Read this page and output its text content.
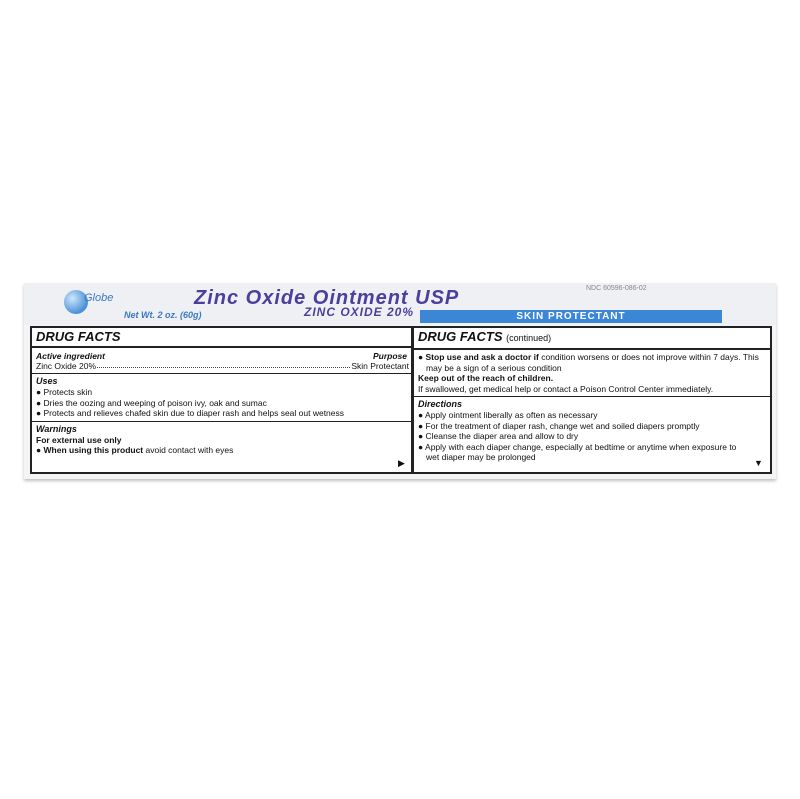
Globe	Zinc Oxide Ointment USP
ZINC OXIDE 20%
NDC 60596-086-02
Net Wt. 2 oz. (60g)	SKIN PROTECTANT
DRUG FACTS
Active ingredient	Purpose
Zinc Oxide 20%	Skin Protectant
Uses
● Protects skin
● Dries the oozing and weeping of poison ivy, oak and sumac
● Protects and relieves chafed skin due to diaper rash and helps seal out wetness
Warnings
For external use only
● When using this product avoid contact with eyes
▶
DRUG FACTS (continued)
● Stop use and ask a doctor if condition worsens or does not improve within 7 days. This may be a sign of a serious condition
Keep out of the reach of children.
If swallowed, get medical help or contact a Poison Control Center immediately.
Directions
● Apply ointment liberally as often as necessary
● For the treatment of diaper rash, change wet and soiled diapers promptly
● Cleanse the diaper area and allow to dry
● Apply with each diaper change, especially at bedtime or anytime when exposure to wet diaper may be prolonged
▼
